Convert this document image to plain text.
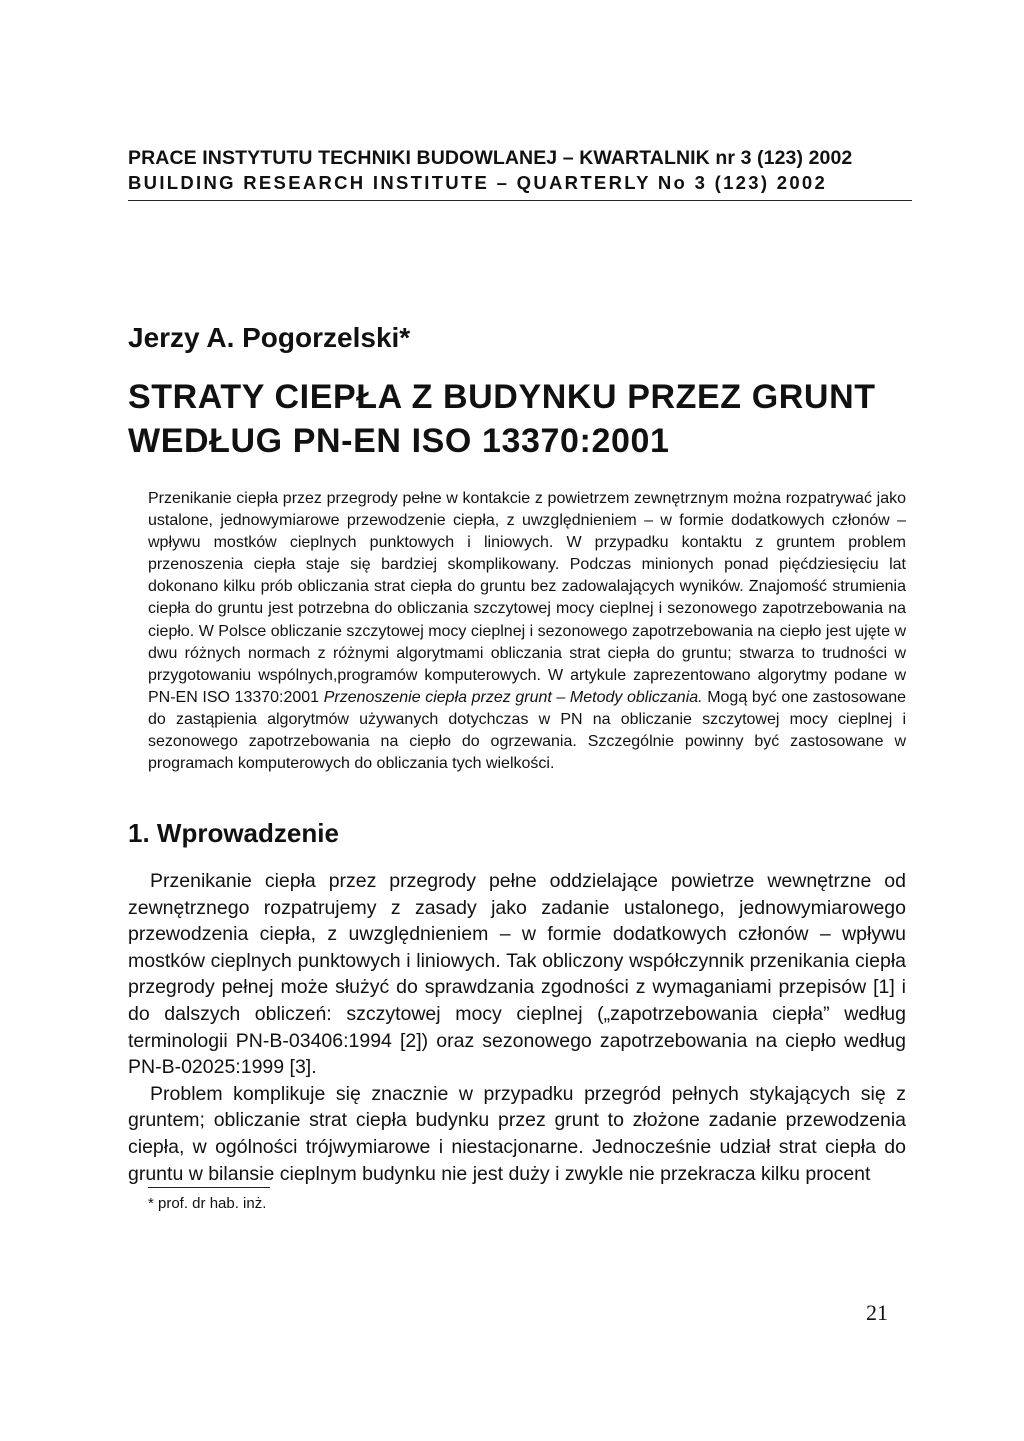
PRACE INSTYTUTU TECHNIKI BUDOWLANEJ – KWARTALNIK nr 3 (123) 2002
BUILDING RESEARCH INSTITUTE – QUARTERLY No 3 (123) 2002
Jerzy A. Pogorzelski*
STRATY CIEPŁA Z BUDYNKU PRZEZ GRUNT
WEDŁUG PN-EN ISO 13370:2001

Przenikanie ciepła przez przegrody pełne w kontakcie z powietrzem zewnętrznym można rozpatrywać jako ustalone, jednowymiarowe przewodzenie ciepła, z uwzględnieniem – w formie dodatkowych członów – wpływu mostków cieplnych punktowych i liniowych. W przypadku kontaktu z gruntem problem przenoszenia ciepła staje się bardziej skomplikowany. Podczas minionych ponad pięćdziesięciu lat dokonano kilku prób obliczania strat ciepła do gruntu bez zadowalających wyników. Znajomość strumienia ciepła do gruntu jest potrzebna do obliczania szczytowej mocy cieplnej i sezonowego zapotrzebowania na ciepło. W Polsce obliczanie szczytowej mocy cieplnej i sezonowego zapotrzebowania na ciepło jest ujęte w dwu różnych normach z różnymi algorytmami obliczania strat ciepła do gruntu; stwarza to trudności w przygotowaniu wspólnych,programów komputerowych. W artykule zaprezentowano algorytmy podane w PN-EN ISO 13370:2001 Przenoszenie ciepła przez grunt – Metody obliczania. Mogą być one zastosowane do zastąpienia algorytmów używanych dotychczas w PN na obliczanie szczytowej mocy cieplnej i sezonowego zapotrzebowania na ciepło do ogrzewania. Szczególnie powinny być zastosowane w programach komputerowych do obliczania tych wielkości.

1. Wprowadzenie

Przenikanie ciepła przez przegrody pełne oddzielające powietrze wewnętrzne od zewnętrznego rozpatrujemy z zasady jako zadanie ustalonego, jednowymiarowego przewodzenia ciepła, z uwzględnieniem – w formie dodatkowych członów – wpływu mostków cieplnych punktowych i liniowych. Tak obliczony współczynnik przenikania ciepła przegrody pełnej może służyć do sprawdzania zgodności z wymaganiami przepisów [1] i do dalszych obliczeń: szczytowej mocy cieplnej („zapotrzebowania ciepła” według terminologii PN-B-03406:1994 [2]) oraz sezonowego zapotrzebowania na ciepło według PN-B-02025:1999 [3].

Problem komplikuje się znacznie w przypadku przegród pełnych stykających się z gruntem; obliczanie strat ciepła budynku przez grunt to złożone zadanie przewodzenia ciepła, w ogólności trójwymiarowe i niestacjonarne. Jednocześnie udział strat ciepła do gruntu w bilansie cieplnym budynku nie jest duży i zwykle nie przekracza kilku procent

* prof. dr hab. inż.
21
